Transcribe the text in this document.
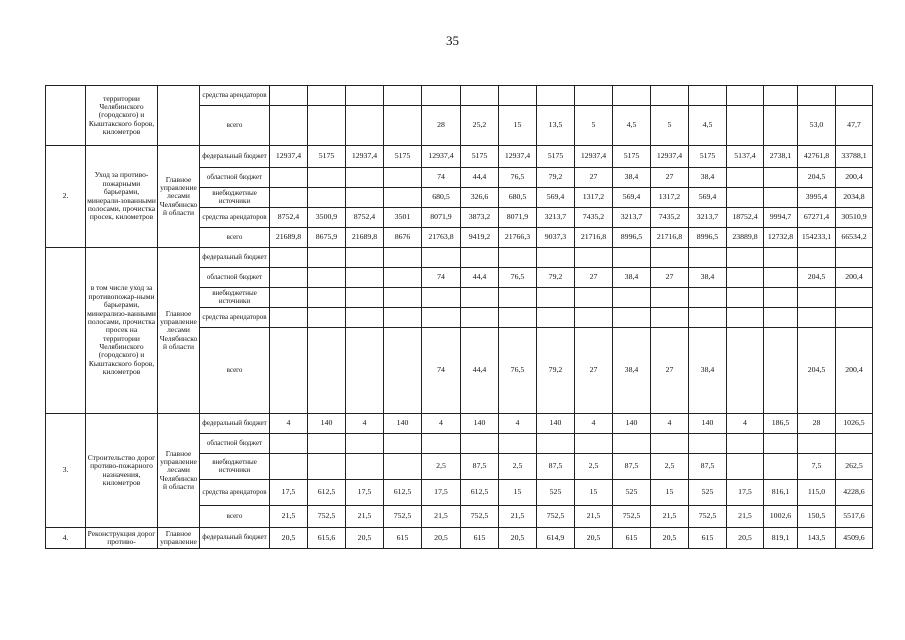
35
	территории Челябинского (городского) и Кыштакского боров, километров		средства арендаторов																
			всего					28	25,2	15	13,5	5	4,5	5	4,5			53,0	47,7
2.	Уход за противо-пожарными барьерами, минерали-зованными полосами, прочистка просек, километров	Главное управление лесами Челябинской области	федеральный бюджет	12937,4	5175	12937,4	5175	12937,4	5175	12937,4	5175	12937,4	5175	12937,4	5175	5137,4	2738,1	42761,8	33788,1
			областной бюджет					74	44,4	76,5	79,2	27	38,4	27	38,4			204,5	200,4
			внебюджетные источники					680,5	326,6	680,5	569,4	1317,2	569,4	1317,2	569,4			3995,4	2034,8
			средства арендаторов	8752,4	3500,9	8752,4	3501	8071,9	3873,2	8071,9	3213,7	7435,2	3213,7	7435,2	3213,7	18752,4	9994,7	67271,4	30510,9
			всего	21689,8	8675,9	21689,8	8676	21763,8	9419,2	21766,3	9037,3	21716,8	8996,5	21716,8	8996,5	23889,8	12732,8	154233,1	66534,2
	в том числе уход за противопожар-ными барьерами, минерализо-ванными полосами, прочистка просек на территории Челябинского (городского) и Кыштакского боров, километров	Главное управление лесами Челябинской области	федеральный бюджет																
			областной бюджет					74	44,4	76,5	79,2	27	38,4	27	38,4			204,5	200,4
			внебюджетные источники																
			средства арендаторов																
			всего					74	44,4	76,5	79,2	27	38,4	27	38,4			204,5	200,4
3.	Строительство дорог противо-пожарного назначения, километров	Главное управление лесами Челябинской области	федеральный бюджет	4	140	4	140	4	140	4	140	4	140	4	140	4	186,5	28	1026,5
			областной бюджет																
			внебюджетные источники					2,5	87,5	2,5	87,5	2,5	87,5	2,5	87,5			7,5	262,5
			средства арендаторов	17,5	612,5	17,5	612,5	17,5	612,5	15	525	15	525	15	525	17,5	816,1	115,0	4228,6
			всего	21,5	752,5	21,5	752,5	21,5	752,5	21,5	752,5	21,5	752,5	21,5	752,5	21,5	1002,6	150,5	5517,6
4.	Реконструкция дорог противо-	Главное управление	федеральный бюджет	20,5	615,6	20,5	615	20,5	615	20,5	614,9	20,5	615	20,5	615	20,5	819,1	143,5	4509,6
